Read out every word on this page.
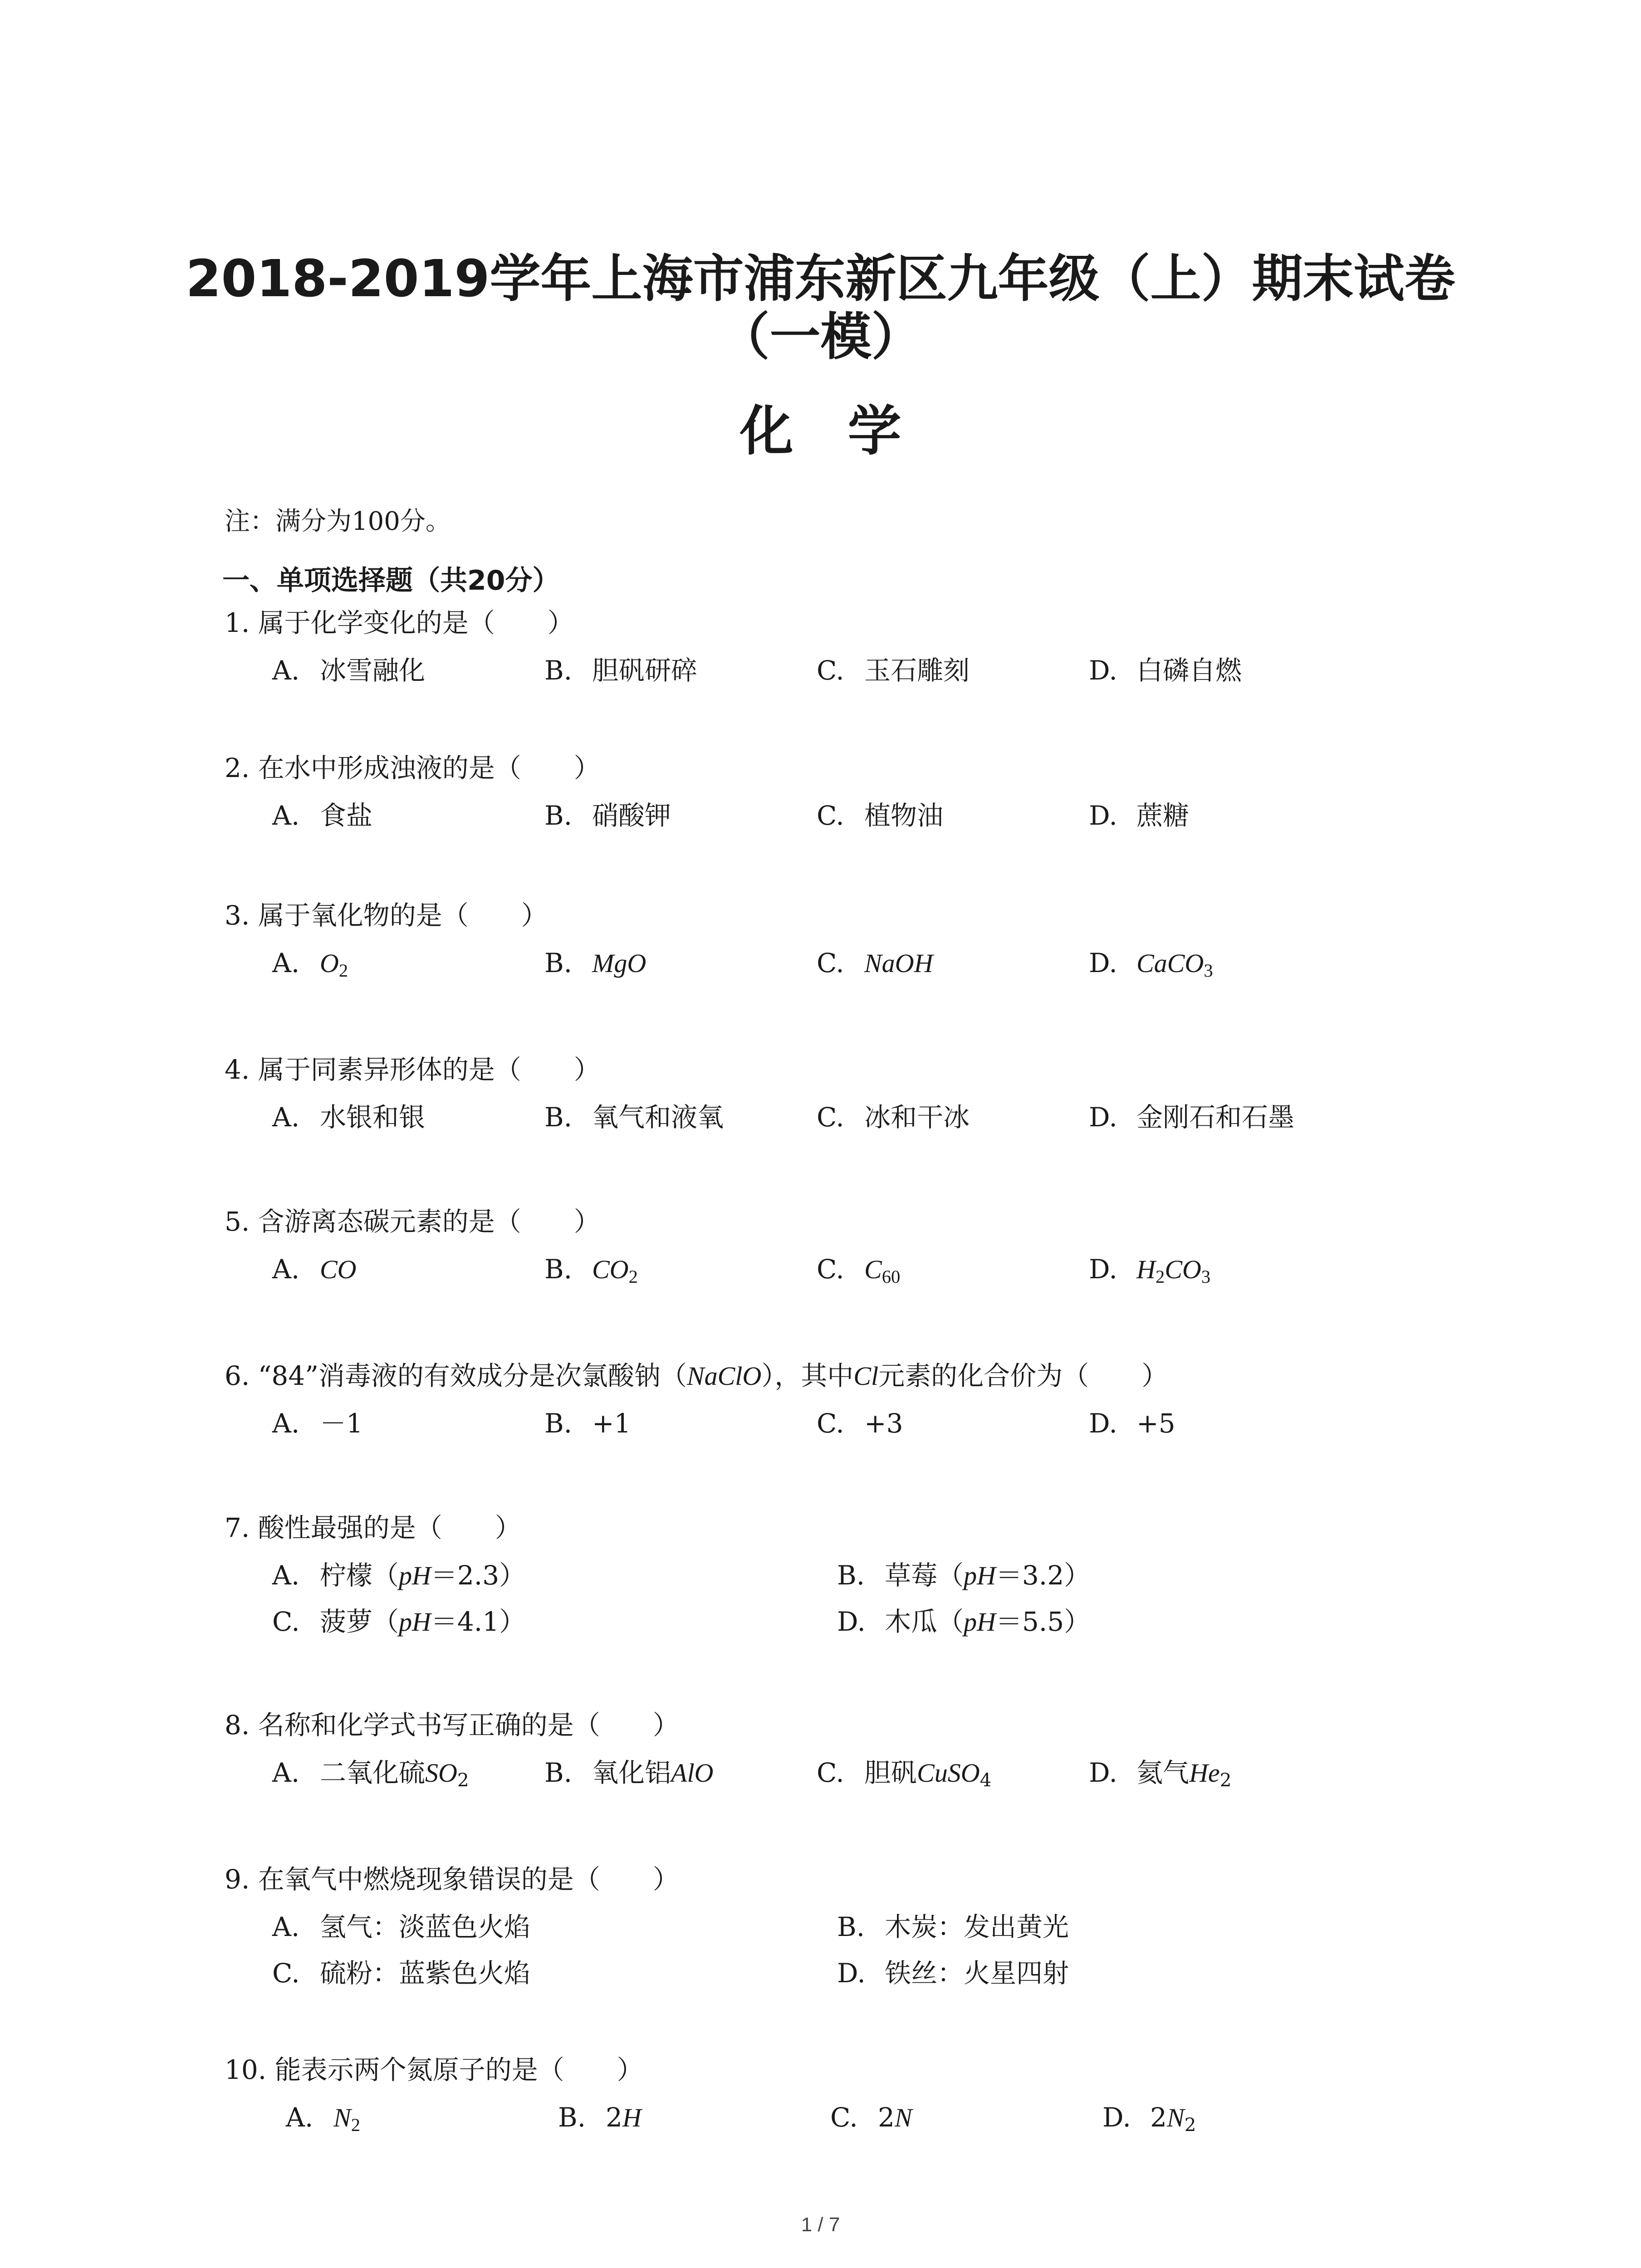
2018-2019学年上海市浦东新区九年级（上）期末试卷
（一模）
化学
注：满分为100分。
一、单项选择题（共20分）
1. 属于化学变化的是（　　）
A. 冰雪融化	B. 胆矾研碎	C. 玉石雕刻	D. 白磷自燃
2. 在水中形成浊液的是（　　）
A. 食盐	B. 硝酸钾	C. 植物油	D. 蔗糖
3. 属于氧化物的是（　　）
A. $O_2$	B. MgO	C. NaOH	D. CaCO$_3$
4. 属于同素异形体的是（　　）
A. 水银和银	B. 氧气和液氧	C. 冰和干冰	D. 金刚石和石墨
5. 含游离态碳元素的是（　　）
A. CO	B. $CO_2$	C. $C_{60}$	D. $H_2CO_3$
6. “84”消毒液的有效成分是次氯酸钠（NaClO），其中Cl元素的化合价为（　　）
A. －1	B. +1	C. +3	D. +5
7. 酸性最强的是（　　）
A. 柠檬（pH＝2.3）	B. 草莓（pH＝3.2）
C. 菠萝（pH＝4.1）	D. 木瓜（pH＝5.5）
8. 名称和化学式书写正确的是（　　）
A. 二氧化硫$SO_2$	B. 氧化铝AlO	C. 胆矾CuSO$_4$	D. 氦气$He_2$
9. 在氧气中燃烧现象错误的是（　　）
A. 氢气：淡蓝色火焰	B. 木炭：发出黄光
C. 硫粉：蓝紫色火焰	D. 铁丝：火星四射
10. 能表示两个氮原子的是（　　）
A. $N_2$	B. 2H	C. 2N	D. $2N_2$
1 / 7
